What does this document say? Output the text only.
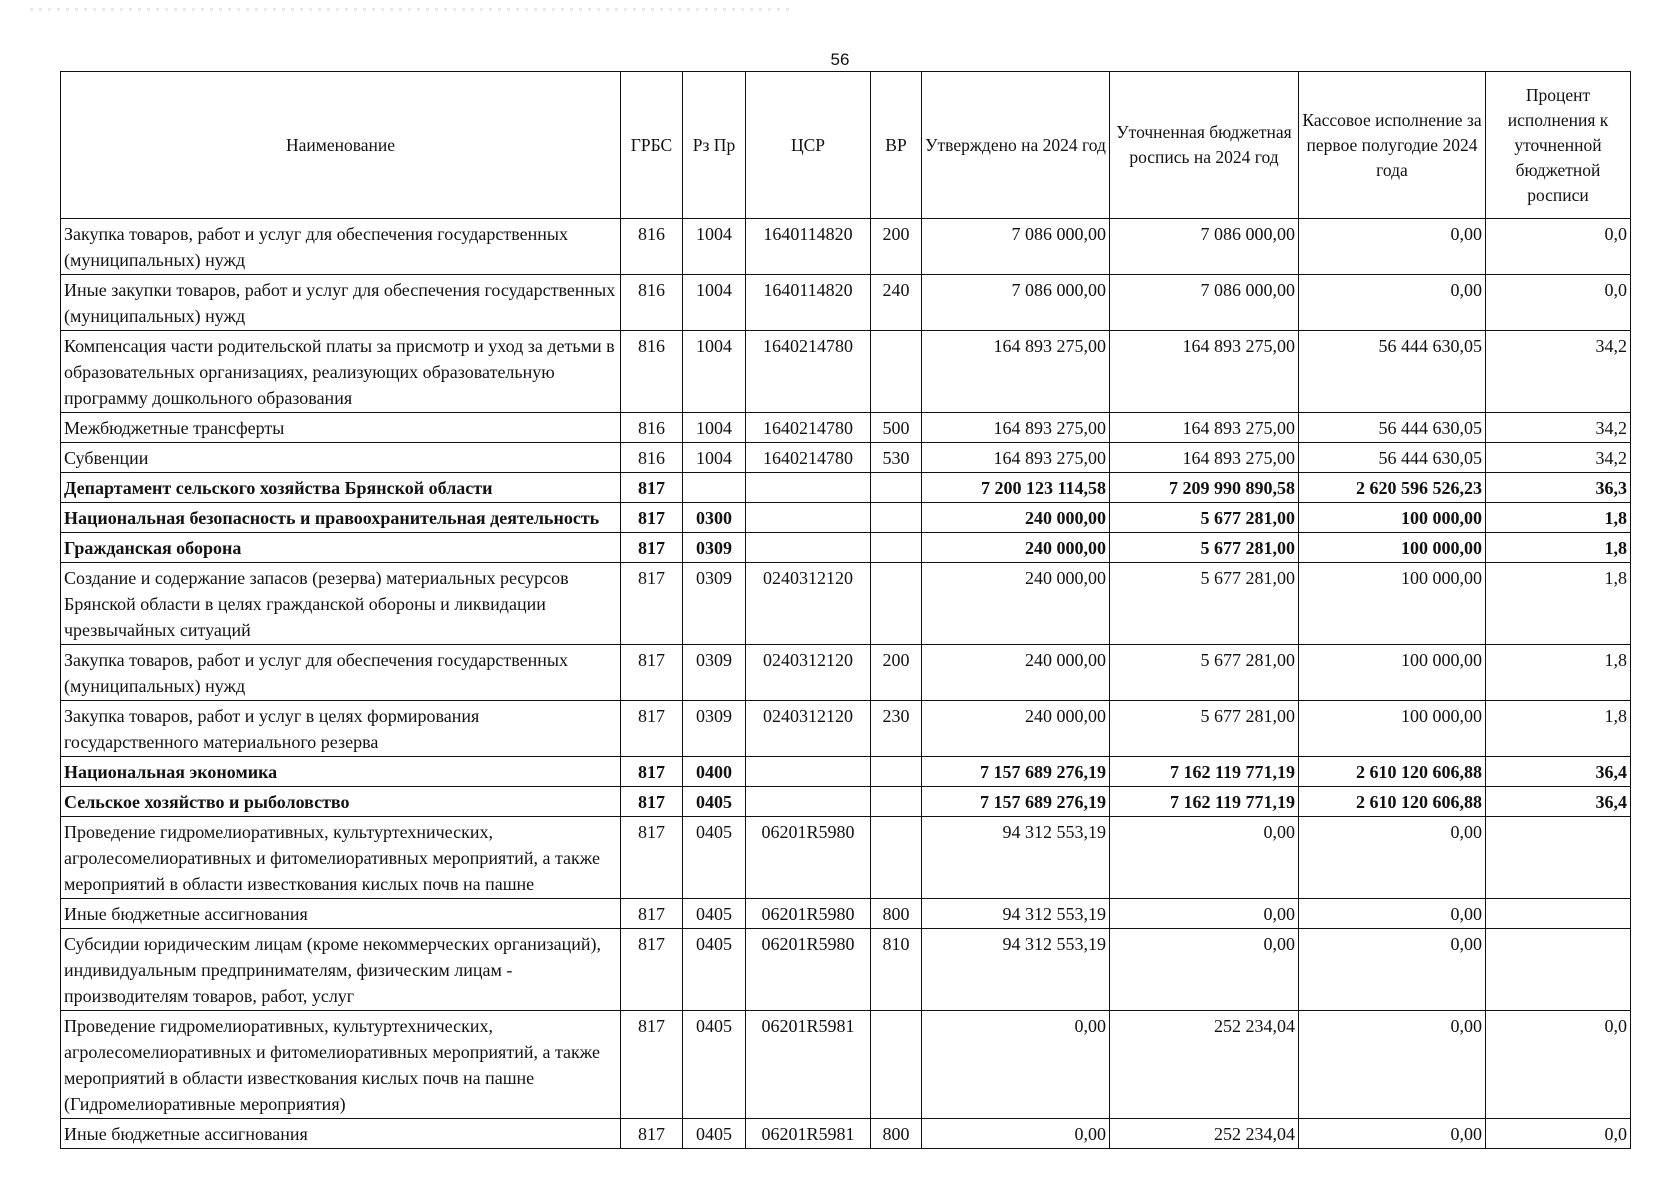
56
Наименование	ГРБС	Рз Пр	ЦСР	ВР	Утверждено на 2024 год	Уточненная бюджетная роспись на 2024 год	Кассовое исполнение за первое полугодие 2024 года	Процент исполнения к уточненной бюджетной росписи
Закупка товаров, работ и услуг для обеспечения государственных (муниципальных) нужд	816	1004	1640114820	200	7 086 000,00	7 086 000,00	0,00	0,0
Иные закупки товаров, работ и услуг для обеспечения государственных (муниципальных) нужд	816	1004	1640114820	240	7 086 000,00	7 086 000,00	0,00	0,0
Компенсация части родительской платы за присмотр и уход за детьми в образовательных организациях, реализующих образовательную программу дошкольного образования	816	1004	1640214780		164 893 275,00	164 893 275,00	56 444 630,05	34,2
Межбюджетные трансферты	816	1004	1640214780	500	164 893 275,00	164 893 275,00	56 444 630,05	34,2
Субвенции	816	1004	1640214780	530	164 893 275,00	164 893 275,00	56 444 630,05	34,2
Департамент сельского хозяйства Брянской области	817				7 200 123 114,58	7 209 990 890,58	2 620 596 526,23	36,3
Национальная безопасность и правоохранительная деятельность	817	0300			240 000,00	5 677 281,00	100 000,00	1,8
Гражданская оборона	817	0309			240 000,00	5 677 281,00	100 000,00	1,8
Создание и содержание запасов (резерва) материальных ресурсов Брянской области в целях гражданской обороны и ликвидации чрезвычайных ситуаций	817	0309	0240312120		240 000,00	5 677 281,00	100 000,00	1,8
Закупка товаров, работ и услуг для обеспечения государственных (муниципальных) нужд	817	0309	0240312120	200	240 000,00	5 677 281,00	100 000,00	1,8
Закупка товаров, работ и услуг в целях формирования государственного материального резерва	817	0309	0240312120	230	240 000,00	5 677 281,00	100 000,00	1,8
Национальная экономика	817	0400			7 157 689 276,19	7 162 119 771,19	2 610 120 606,88	36,4
Сельское хозяйство и рыболовство	817	0405			7 157 689 276,19	7 162 119 771,19	2 610 120 606,88	36,4
Проведение гидромелиоративных, культуртехнических, агролесомелиоративных и фитомелиоративных мероприятий, а также мероприятий в области известкования кислых почв на пашне	817	0405	06201R5980		94 312 553,19	0,00	0,00	
Иные бюджетные ассигнования	817	0405	06201R5980	800	94 312 553,19	0,00	0,00	
Субсидии юридическим лицам (кроме некоммерческих организаций), индивидуальным предпринимателям, физическим лицам - производителям товаров, работ, услуг	817	0405	06201R5980	810	94 312 553,19	0,00	0,00	
Проведение гидромелиоративных, культуртехнических, агролесомелиоративных и фитомелиоративных мероприятий, а также мероприятий в области известкования кислых почв на пашне (Гидромелиоративные мероприятия)	817	0405	06201R5981		0,00	252 234,04	0,00	0,0
Иные бюджетные ассигнования	817	0405	06201R5981	800	0,00	252 234,04	0,00	0,0
